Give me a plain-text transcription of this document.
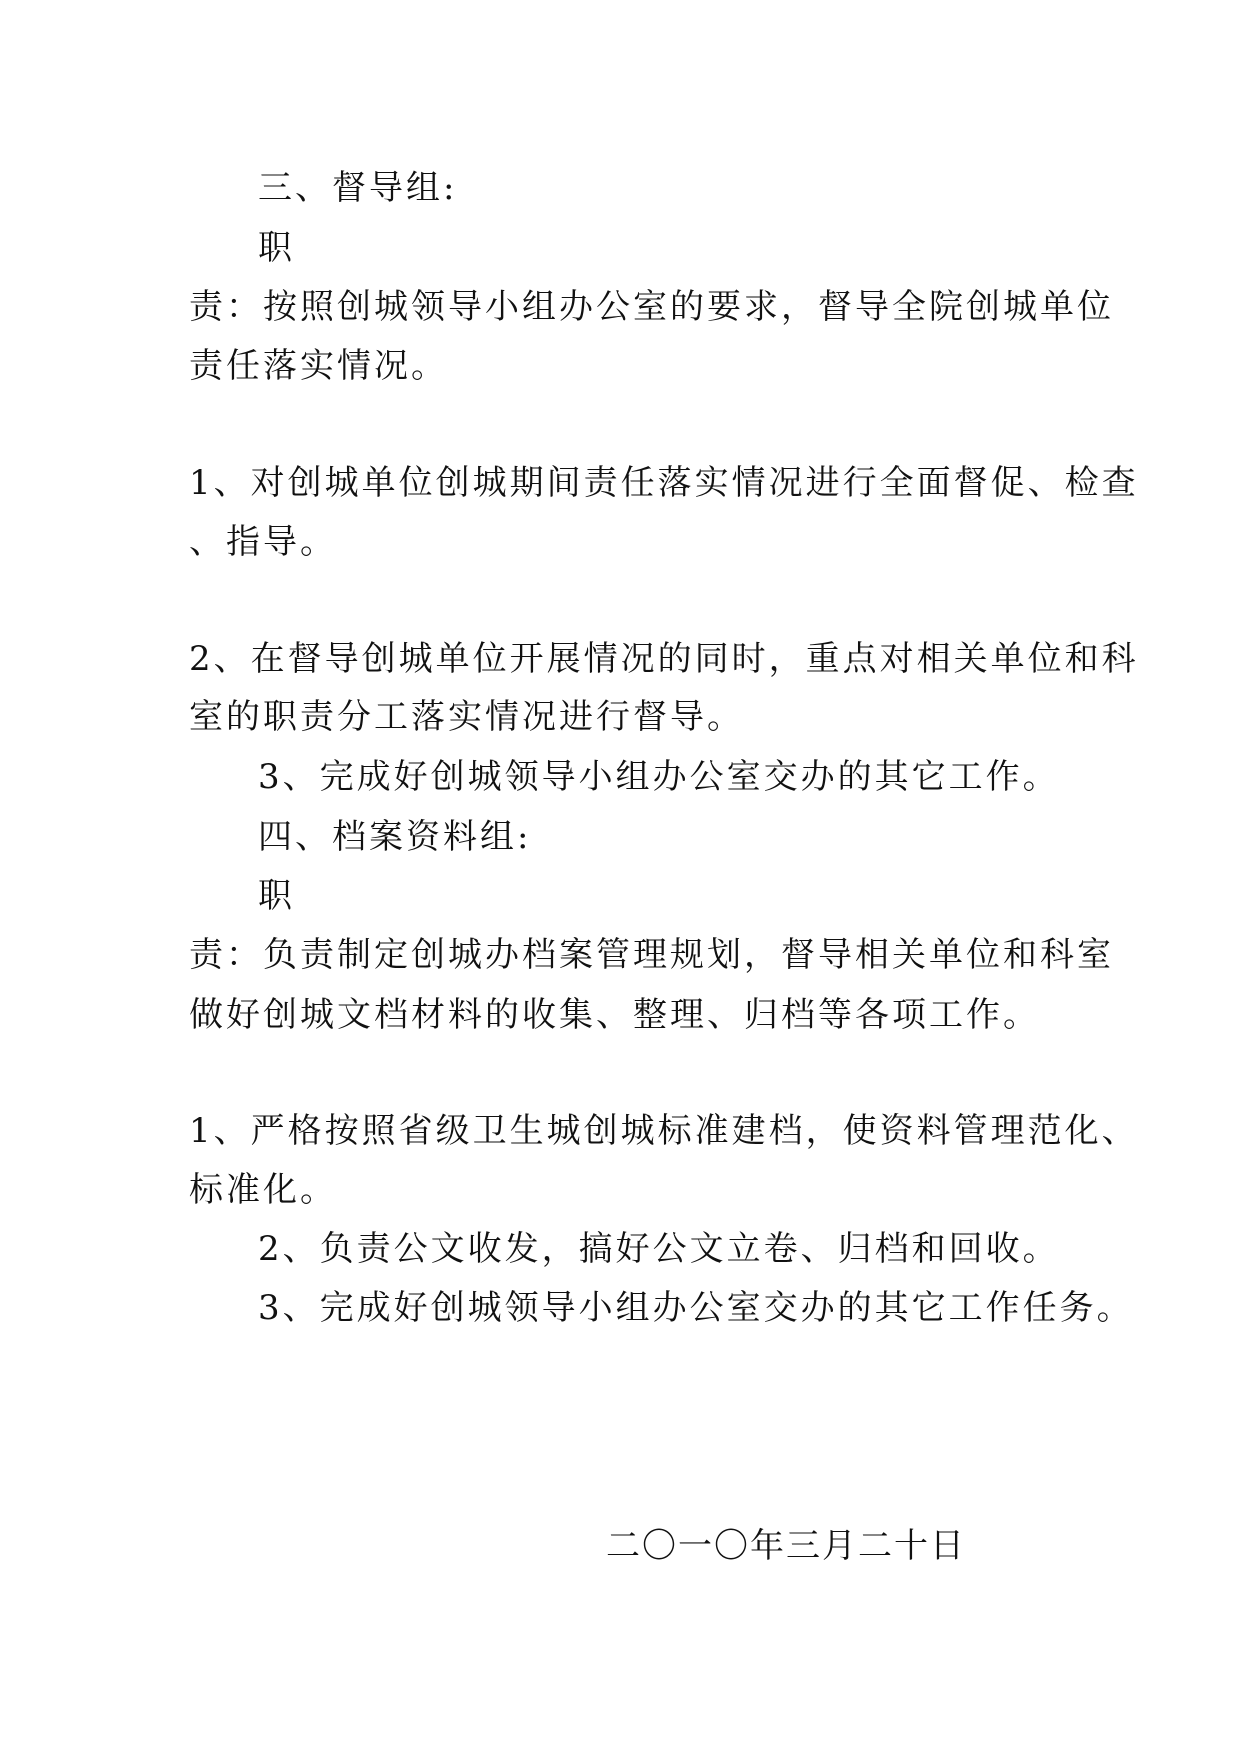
三、督导组:
职
责：按照创城领导小组办公室的要求，督导全院创城单位
责任落实情况。
1、对创城单位创城期间责任落实情况进行全面督促、检查
、指导。
2、在督导创城单位开展情况的同时，重点对相关单位和科
室的职责分工落实情况进行督导。
3、完成好创城领导小组办公室交办的其它工作。
四、档案资料组:
职
责：负责制定创城办档案管理规划，督导相关单位和科室
做好创城文档材料的收集、整理、归档等各项工作。
1、严格按照省级卫生城创城标准建档，使资料管理范化、
标准化。
2、负责公文收发，搞好公文立卷、归档和回收。
3、完成好创城领导小组办公室交办的其它工作任务。
二〇一〇年三月二十日
